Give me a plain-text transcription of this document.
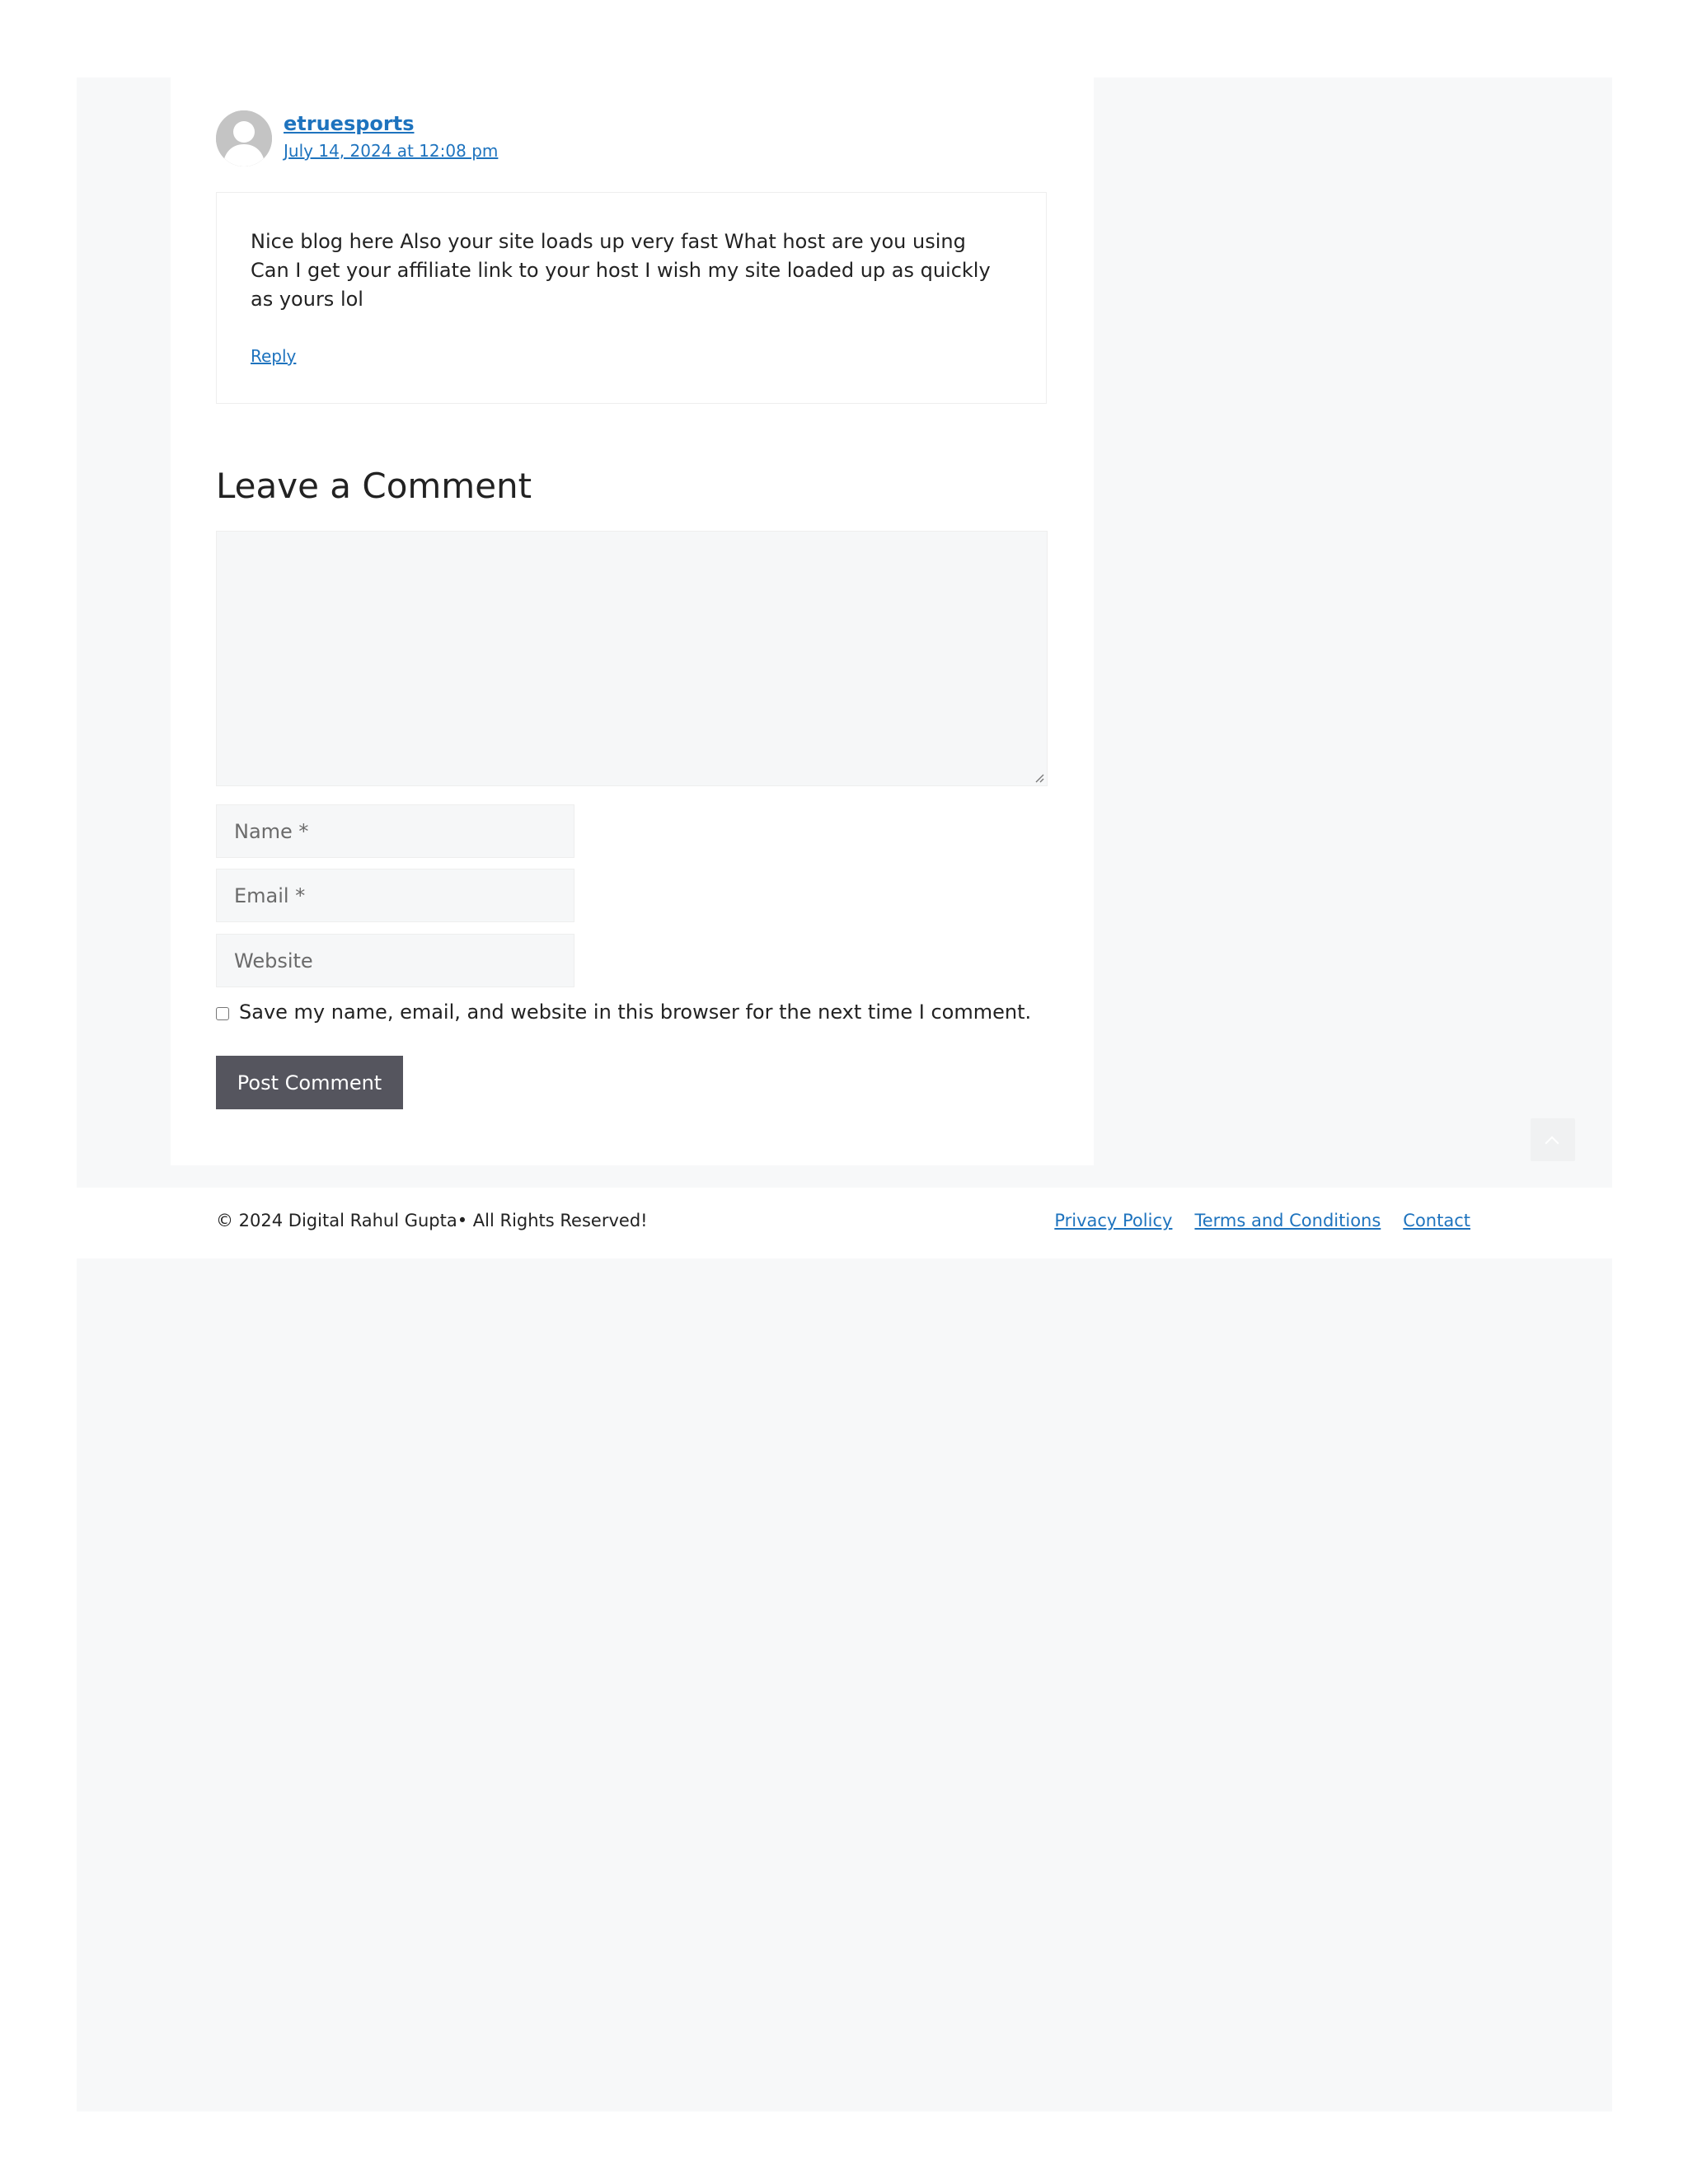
etruesports
July 14, 2024 at 12:08 pm

Nice blog here Also your site loads up very fast What host are you using Can I get your affiliate link to your host I wish my site loaded up as quickly as yours lol

Reply
Leave a Comment
Name *
Email *
Website
Save my name, email, and website in this browser for the next time I comment.
Post Comment
© 2024 Digital Rahul Gupta• All Rights Reserved!	Privacy Policy Terms and Conditions Contact
